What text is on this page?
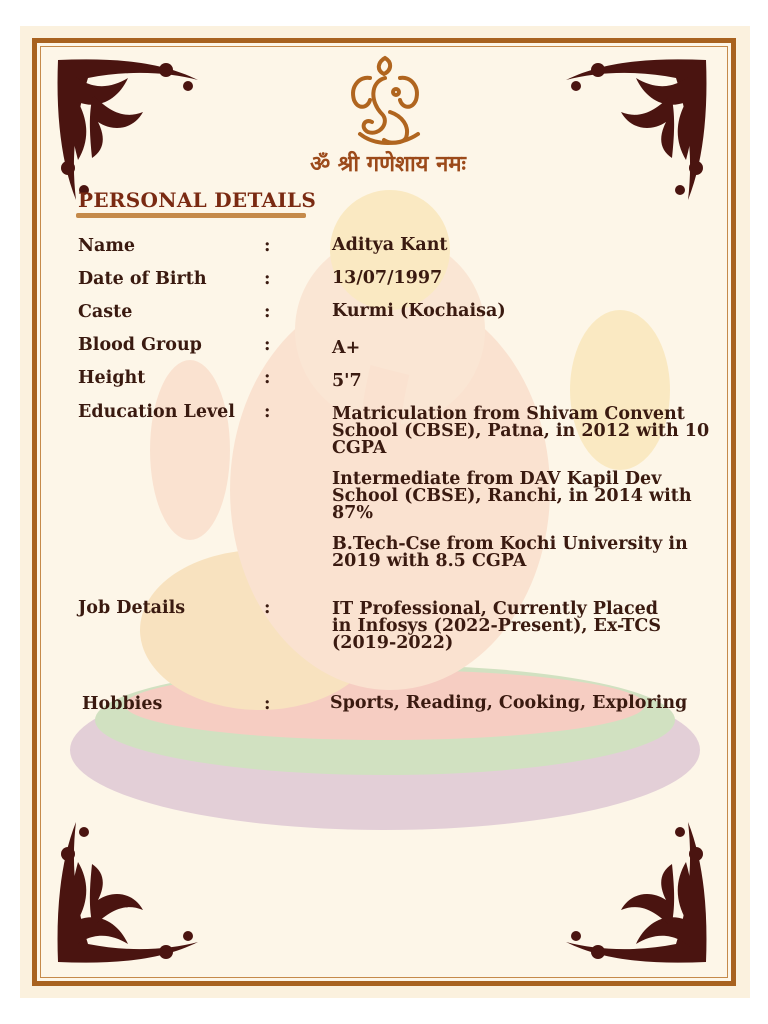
ॐ श्री गणेशाय नमः
PERSONAL DETAILS
Name	:	Aditya Kant
Date of Birth	:	13/07/1997
Caste	:	Kurmi (Kochaisa)
Blood Group	:	A+
Height	:	5'7
Education Level :	Matriculation from Shivam Convent School (CBSE), Patna, in 2012 with 10 CGPA
Intermediate from DAV Kapil Dev School (CBSE), Ranchi, in 2014 with 87%
B.Tech-Cse from Kochi University in 2019 with 8.5 CGPA
Job Details	:	IT Professional, Currently Placed in Infosys (2022-Present), Ex-TCS (2019-2022)
Hobbies	:	Sports, Reading, Cooking, Exploring
